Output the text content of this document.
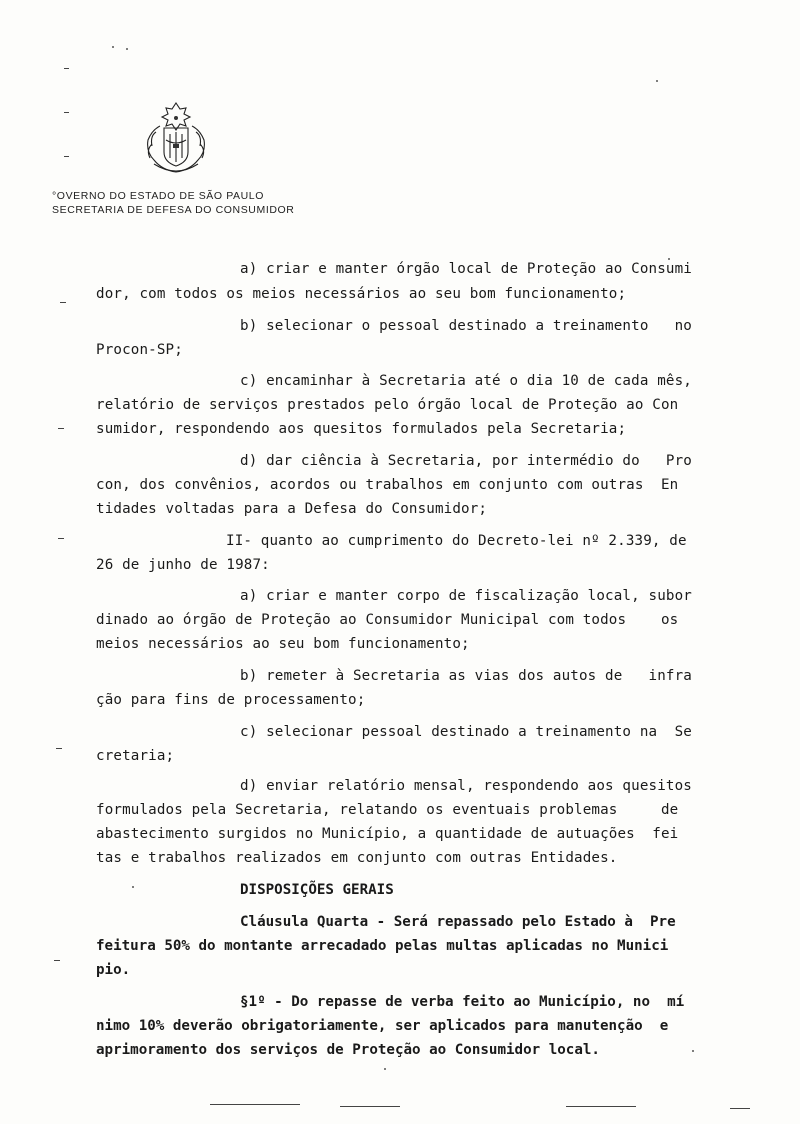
°OVERNO DO ESTADO DE SÃO PAULO
SECRETARIA DE DEFESA DO CONSUMIDOR
a) criar e manter órgão local de Proteção ao Consumi
dor, com todos os meios necessários ao seu bom funcionamento;
b) selecionar o pessoal destinado a treinamento   no
Procon-SP;
c) encaminhar à Secretaria até o dia 10 de cada mês,
relatório de serviços prestados pelo órgão local de Proteção ao Con
sumidor, respondendo aos quesitos formulados pela Secretaria;
d) dar ciência à Secretaria, por intermédio do   Pro
con, dos convênios, acordos ou trabalhos em conjunto com outras  En
tidades voltadas para a Defesa do Consumidor;
II- quanto ao cumprimento do Decreto-lei nº 2.339, de
26 de junho de 1987:
a) criar e manter corpo de fiscalização local, subor
dinado ao órgão de Proteção ao Consumidor Municipal com todos    os
meios necessários ao seu bom funcionamento;
b) remeter à Secretaria as vias dos autos de   infra
ção para fins de processamento;
c) selecionar pessoal destinado a treinamento na  Se
cretaria;
d) enviar relatório mensal, respondendo aos quesitos
formulados pela Secretaria, relatando os eventuais problemas     de
abastecimento surgidos no Município, a quantidade de autuações  fei
tas e trabalhos realizados em conjunto com outras Entidades.
DISPOSIÇÕES GERAIS
Cláusula Quarta - Será repassado pelo Estado à  Pre
feitura 50% do montante arrecadado pelas multas aplicadas no Munici
pio.
§1º - Do repasse de verba feito ao Município, no  mí
nimo 10% deverão obrigatoriamente, ser aplicados para manutenção  e
aprimoramento dos serviços de Proteção ao Consumidor local.
